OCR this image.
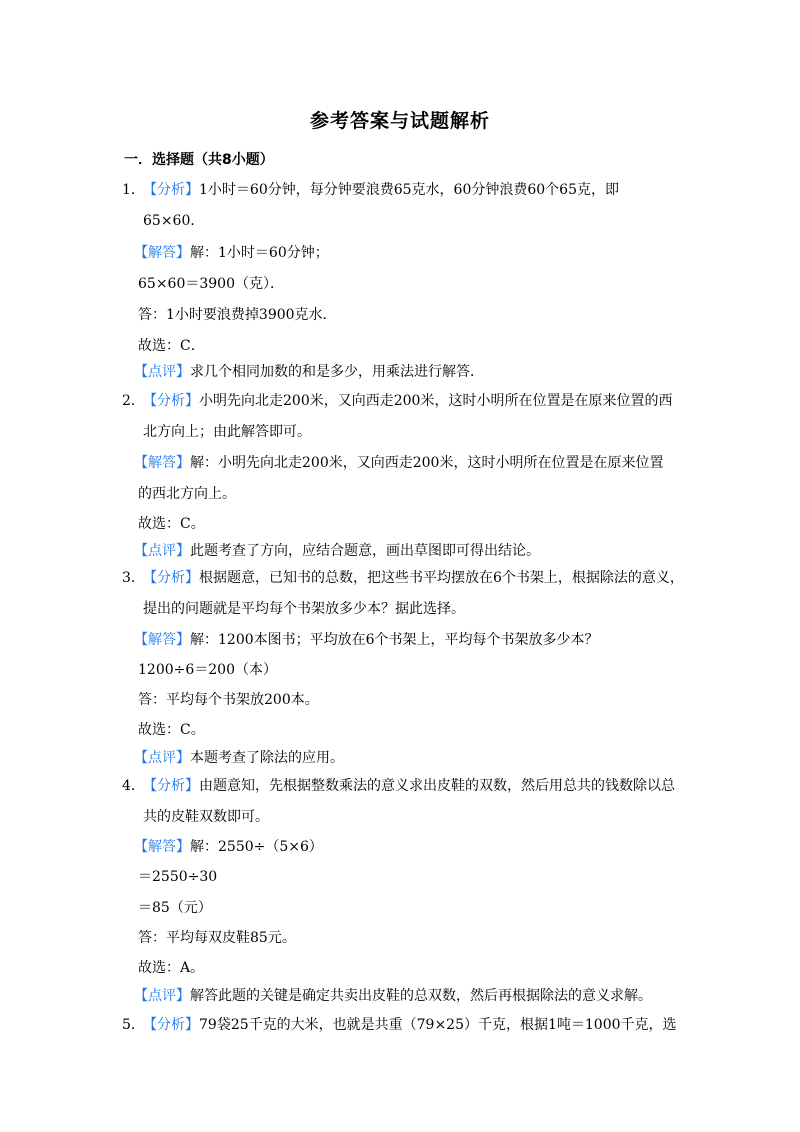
参考答案与试题解析
一．选择题（共8小题）
1．
【分析】1小时＝60分钟，每分钟要浪费65克水，60分钟浪费60个65克，即
65×60．
【解答】解：1小时＝60分钟；
65×60＝3900（克）．
答：1小时要浪费掉3900克水．
故选：C．
【点评】求几个相同加数的和是多少，用乘法进行解答．
2．
【分析】小明先向北走200米，又向西走200米，这时小明所在位置是在原来位置的西
北方向上；由此解答即可。
【解答】解：小明先向北走200米，又向西走200米，这时小明所在位置是在原来位置
的西北方向上。
故选：C。
【点评】此题考查了方向，应结合题意，画出草图即可得出结论。
3．
【分析】根据题意，已知书的总数，把这些书平均摆放在6个书架上，根据除法的意义，
提出的问题就是平均每个书架放多少本？据此选择。
【解答】解：1200本图书；平均放在6个书架上，平均每个书架放多少本？
1200÷6＝200（本）
答：平均每个书架放200本。
故选：C。
【点评】本题考查了除法的应用。
4．
【分析】由题意知，先根据整数乘法的意义求出皮鞋的双数，然后用总共的钱数除以总
共的皮鞋双数即可。
【解答】解：2550÷（5×6）
＝2550÷30
＝85（元）
答：平均每双皮鞋85元。
故选：A。
【点评】解答此题的关键是确定共卖出皮鞋的总双数，然后再根据除法的意义求解。
5．
【分析】79袋25千克的大米，也就是共重（79×25）千克，根据1吨＝1000千克，选
